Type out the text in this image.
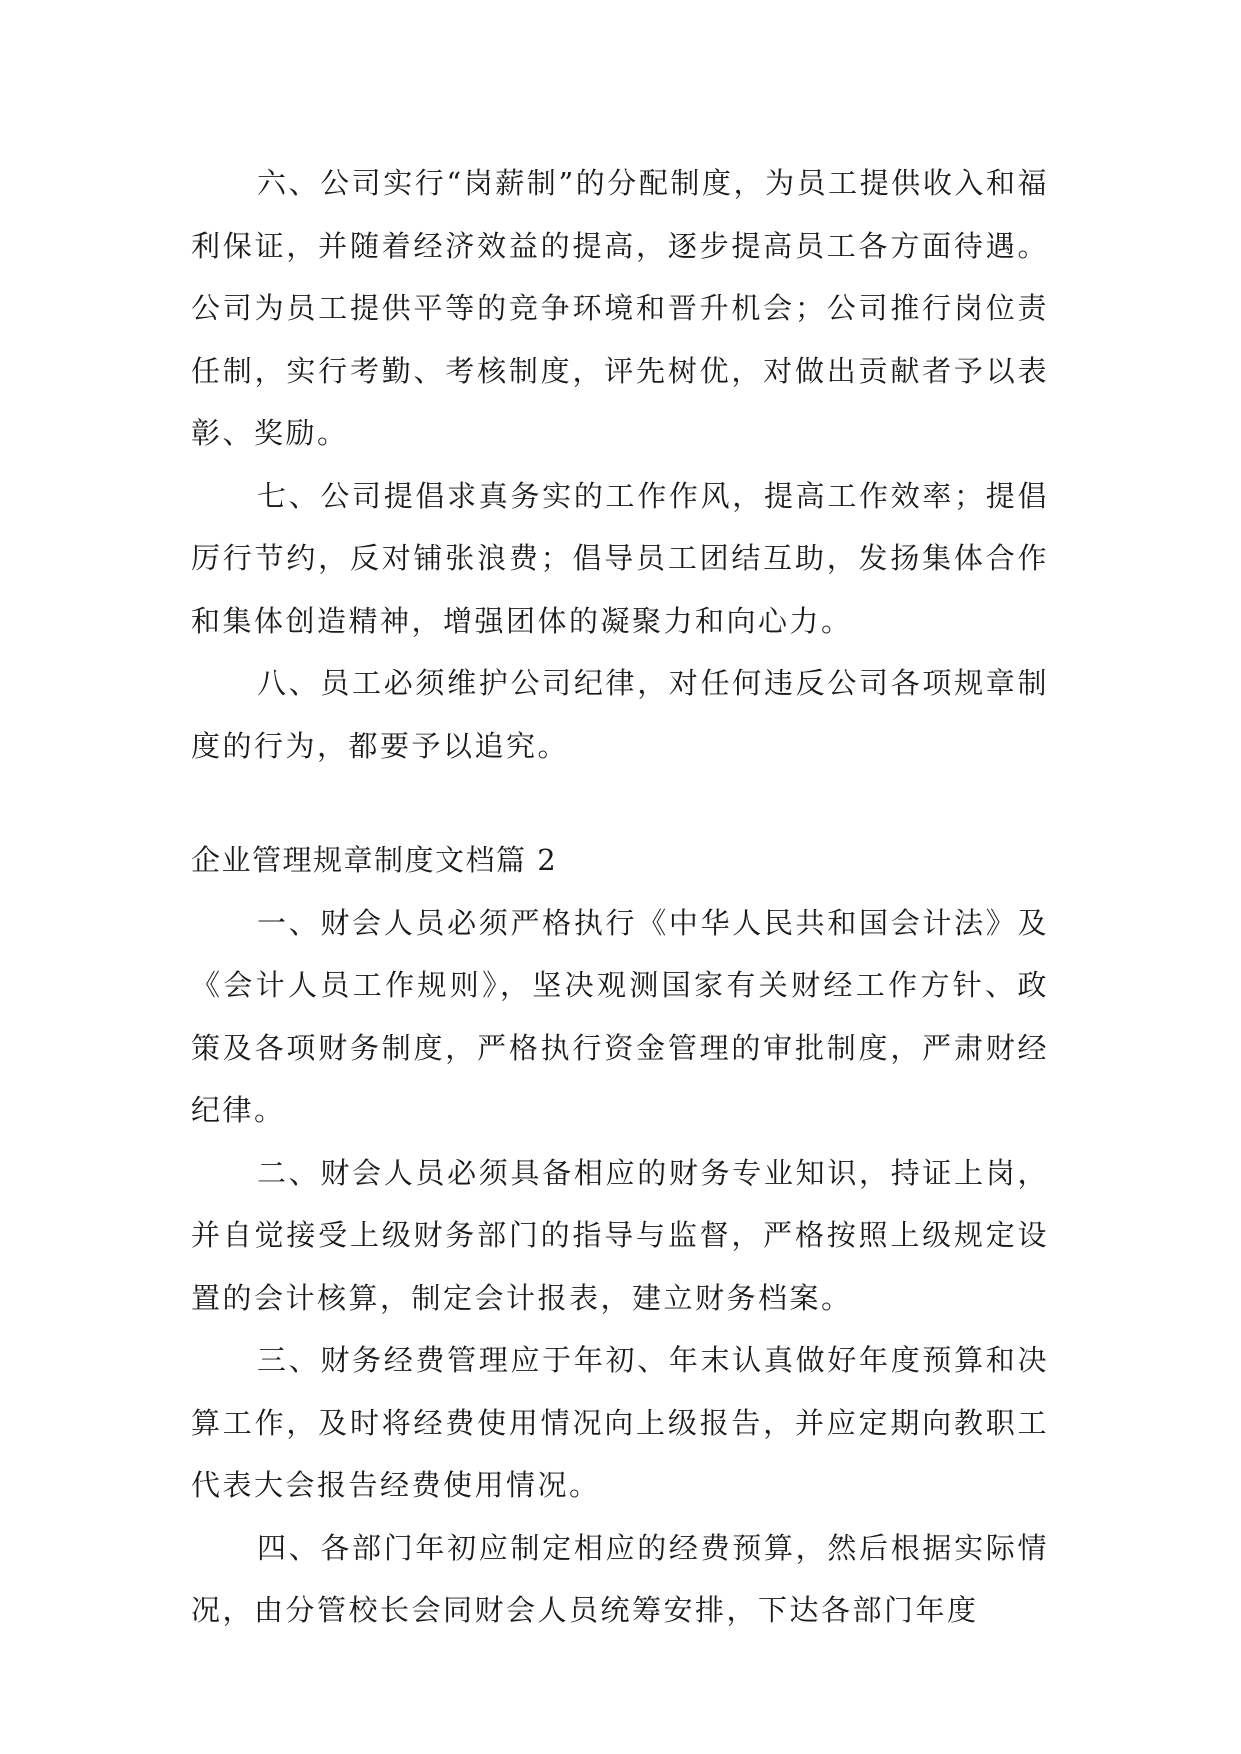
六、公司实行“岗薪制”的分配制度，为员工提供收入和福利保证，并随着经济效益的提高，逐步提高员工各方面待遇。公司为员工提供平等的竞争环境和晋升机会；公司推行岗位责任制，实行考勤、考核制度，评先树优，对做出贡献者予以表彰、奖励。

七、公司提倡求真务实的工作作风，提高工作效率；提倡厉行节约，反对铺张浪费；倡导员工团结互助，发扬集体合作和集体创造精神，增强团体的凝聚力和向心力。

八、员工必须维护公司纪律，对任何违反公司各项规章制度的行为，都要予以追究。

企业管理规章制度文档篇 2

一、财会人员必须严格执行《中华人民共和国会计法》及《会计人员工作规则》，坚决观测国家有关财经工作方针、政策及各项财务制度，严格执行资金管理的审批制度，严肃财经纪律。

二、财会人员必须具备相应的财务专业知识，持证上岗，并自觉接受上级财务部门的指导与监督，严格按照上级规定设置的会计核算，制定会计报表，建立财务档案。

三、财务经费管理应于年初、年末认真做好年度预算和决算工作，及时将经费使用情况向上级报告，并应定期向教职工代表大会报告经费使用情况。

四、各部门年初应制定相应的经费预算，然后根据实际情况，由分管校长会同财会人员统筹安排，下达各部门年度
